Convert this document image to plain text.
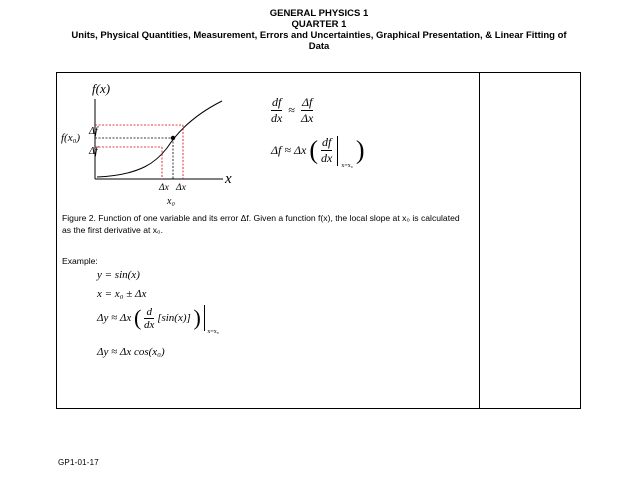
GENERAL PHYSICS 1
QUARTER 1
Units, Physical Quantities, Measurement, Errors and Uncertainties, Graphical Presentation, & Linear Fitting of Data
f(x)
f(x₀)
Δf
Δf
x
Δx Δx
x₀
$\frac{df}{dx} \approx \frac{\Delta f}{\Delta x}$
Δf ≈ Δx ( $\frac{df}{dx} _{x=x_0}$ )
Figure 2. Function of one variable and its error Δf. Given a function f(x), the local slope at x₀ is calculated as the first derivative at x₀.
Example:
y = sin(x)
x = x₀ ± Δx
Δy ≈ Δx ( $\frac{d}{dx} [\sin(x)]$ )  $_{x=x_0}$
Δy ≈ Δx cos(x₀)
GP1-01-17
